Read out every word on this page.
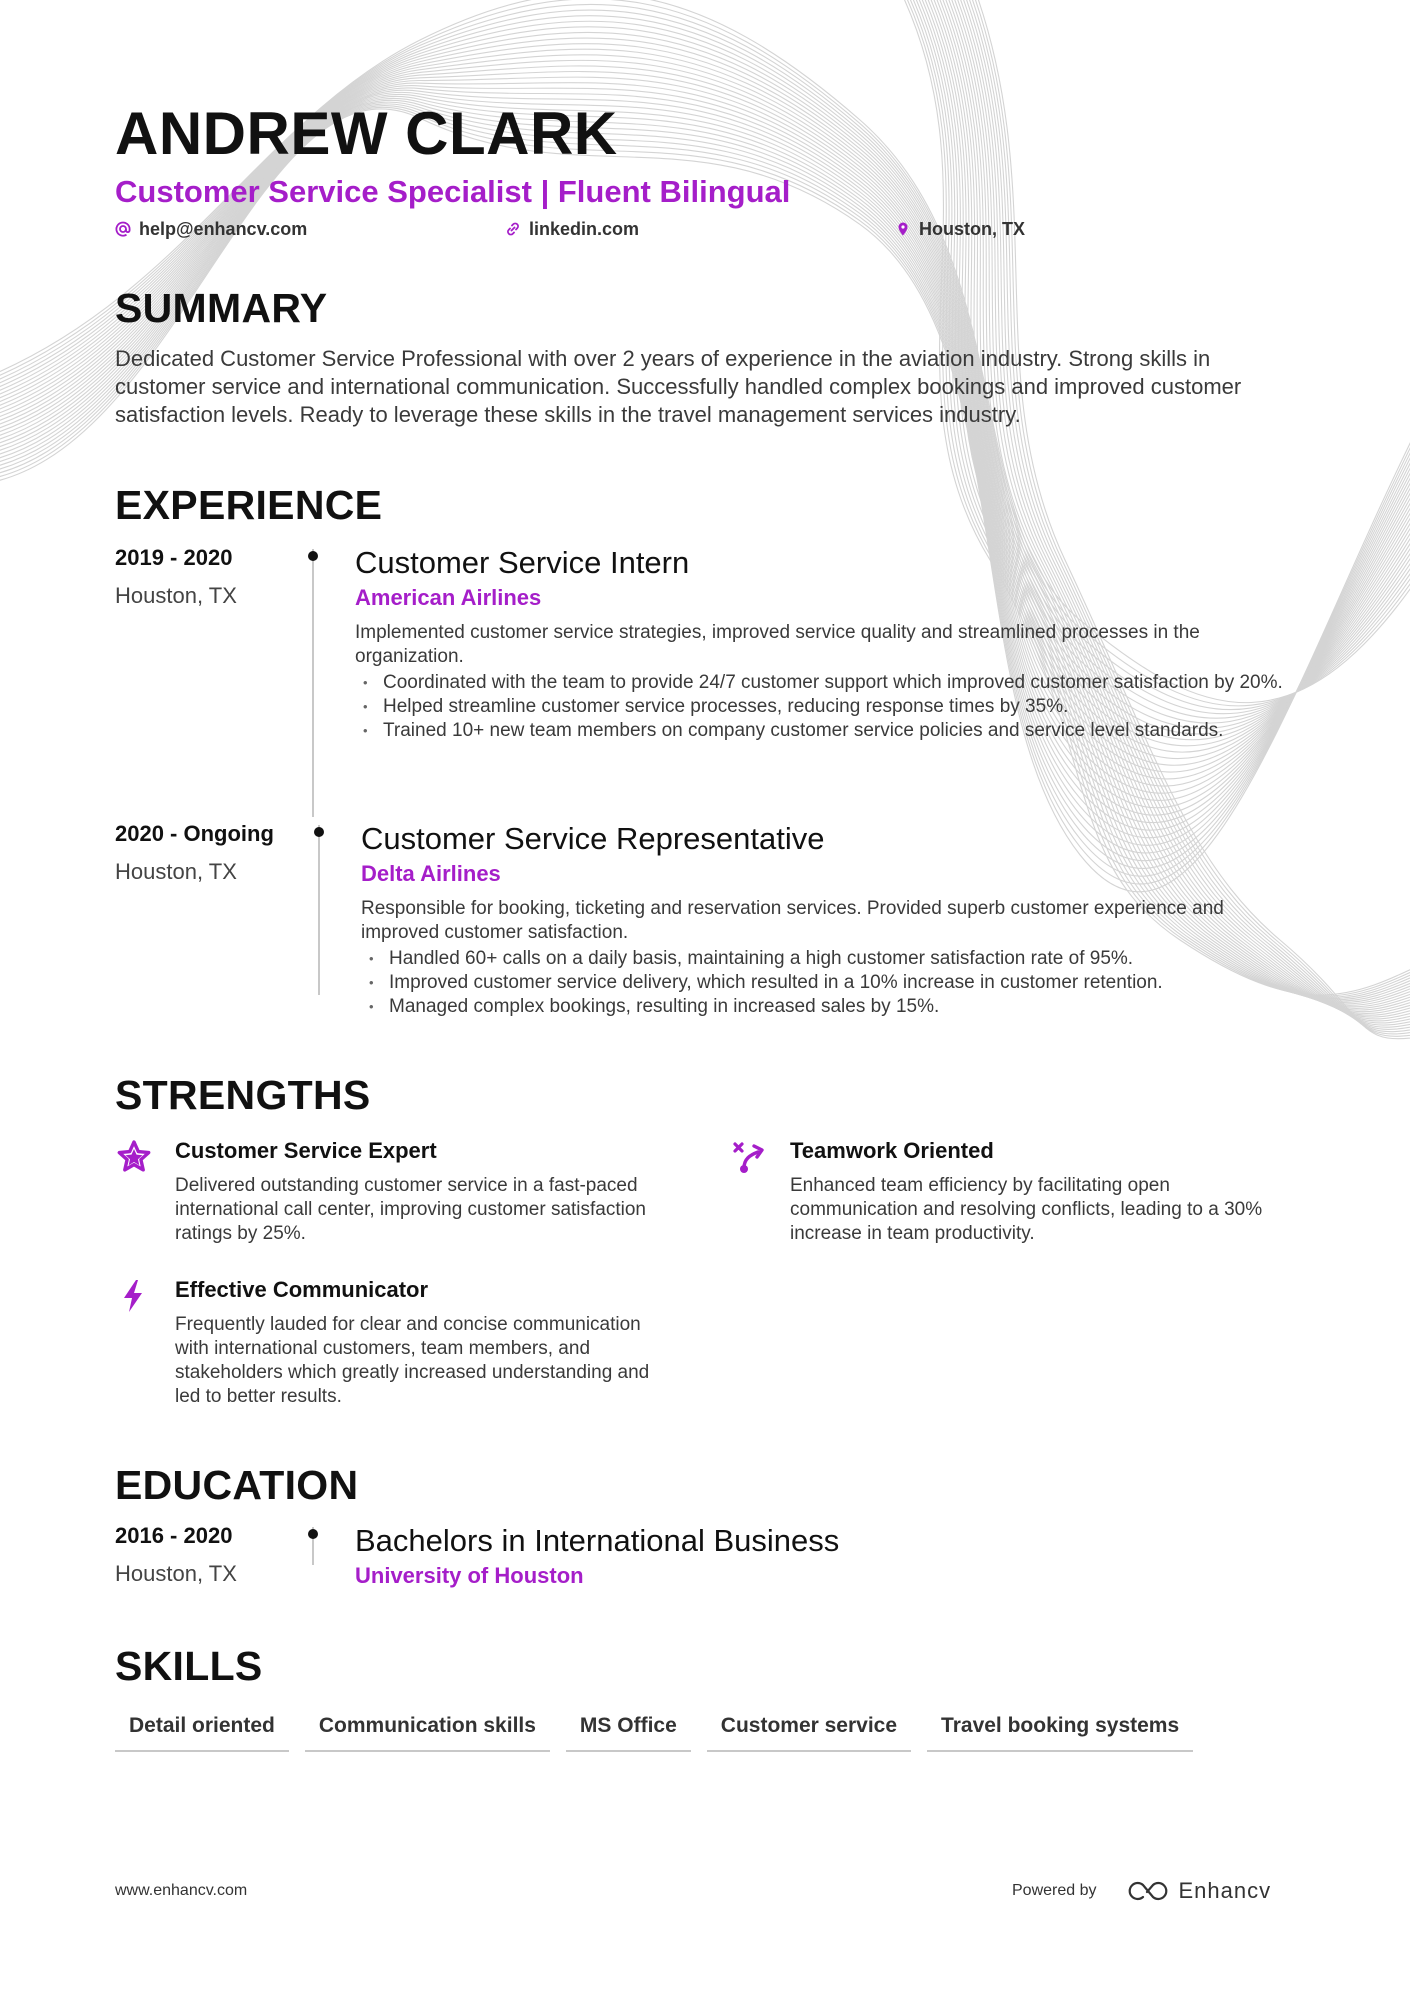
ANDREW CLARK
Customer Service Specialist | Fluent Bilingual
help@enhancv.com	linkedin.com	Houston, TX
SUMMARY
Dedicated Customer Service Professional with over 2 years of experience in the aviation industry. Strong skills in customer service and international communication. Successfully handled complex bookings and improved customer satisfaction levels. Ready to leverage these skills in the travel management services industry.
EXPERIENCE
2019 - 2020
Houston, TX
Customer Service Intern
American Airlines
Implemented customer service strategies, improved service quality and streamlined processes in the organization.
• Coordinated with the team to provide 24/7 customer support which improved customer satisfaction by 20%.
• Helped streamline customer service processes, reducing response times by 35%.
• Trained 10+ new team members on company customer service policies and service level standards.
2020 - Ongoing
Houston, TX
Customer Service Representative
Delta Airlines
Responsible for booking, ticketing and reservation services. Provided superb customer experience and improved customer satisfaction.
• Handled 60+ calls on a daily basis, maintaining a high customer satisfaction rate of 95%.
• Improved customer service delivery, which resulted in a 10% increase in customer retention.
• Managed complex bookings, resulting in increased sales by 15%.
STRENGTHS
Customer Service Expert
Delivered outstanding customer service in a fast-paced international call center, improving customer satisfaction ratings by 25%.
Teamwork Oriented
Enhanced team efficiency by facilitating open communication and resolving conflicts, leading to a 30% increase in team productivity.
Effective Communicator
Frequently lauded for clear and concise communication with international customers, team members, and stakeholders which greatly increased understanding and led to better results.
EDUCATION
2016 - 2020
Houston, TX
Bachelors in International Business
University of Houston
SKILLS
Detail oriented	Communication skills	MS Office	Customer service	Travel booking systems
www.enhancv.com	Powered by	Enhancv
